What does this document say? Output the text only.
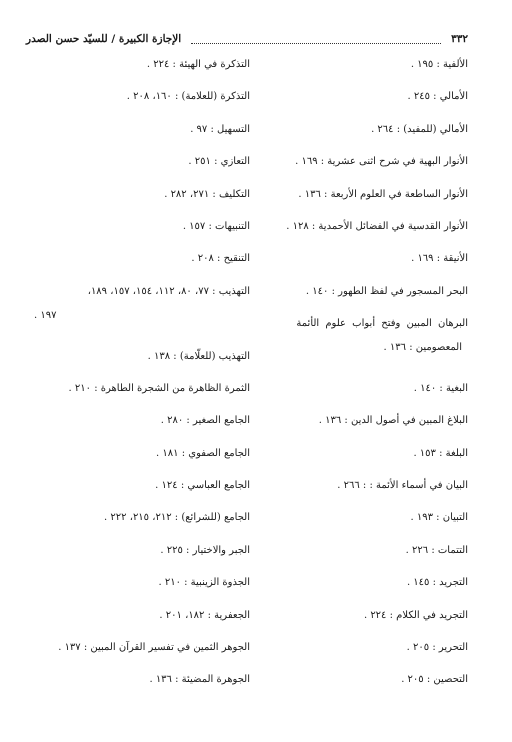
٣٣٢
الإجازة الكبيرة / للسيّد حسن الصدر
الألفية : ١٩٥ .
الأمالي : ٢٤٥ .
الأمالي (للمفيد) : ٢٦٤ .
الأنوار البهية في شرح اثنى عشرية : ١٦٩ .
الأنوار الساطعة في العلوم الأربعة : ١٣٦ .
الأنوار القدسية في الفضائل الأحمدية : ١٢٨ .
الأنيقة : ١٦٩ .
البحر المسجور في لفظ الطهور : ١٤٠ .
البرهان المبين وفتح أبواب علوم الأئمة
المعصومين : ١٣٦ .
البغية : ١٤٠ .
البلاغ المبين في أصول الدين : ١٣٦ .
البلغة : ١٥٣ .
البيان في أسماء الأئمة : : ٢٦٦ .
التبيان : ١٩٣ .
التتمات : ٢٢٦ .
التجريد : ١٤٥ .
التجريد في الكلام : ٢٢٤ .
التحرير : ٢٠٥ .
التحصين : ٢٠٥ .
التذكرة في الهيئة : ٢٢٤ .
التذكرة (للعلامة) : ١٦٠، ٢٠٨ .
التسهيل : ٩٧ .
التعازي : ٢٥١ .
التكليف : ٢٧١، ٢٨٢ .
التنبيهات : ١٥٧ .
التنقيح : ٢٠٨ .
التهذيب : ٧٧، ٨٠، ١١٢، ١٥٤، ١٥٧، ١٨٩،
١٩٧ .
التهذيب (للعلّامة) : ١٣٨ .
الثمرة الظاهرة من الشجرة الطاهرة : ٢١٠ .
الجامع الصغير : ٢٨٠ .
الجامع الصفوي : ١٨١ .
الجامع العباسي : ١٢٤ .
الجامع (للشرائع) : ٢١٢، ٢١٥، ٢٢٢ .
الجبر والاختيار : ٢٢٥ .
الجذوة الزينبية : ٢١٠ .
الجعفرية : ١٨٢، ٢٠١ .
الجوهر الثمين في تفسير القرآن المبين : ١٣٧ .
الجوهرة المضيئة : ١٣٦ .
